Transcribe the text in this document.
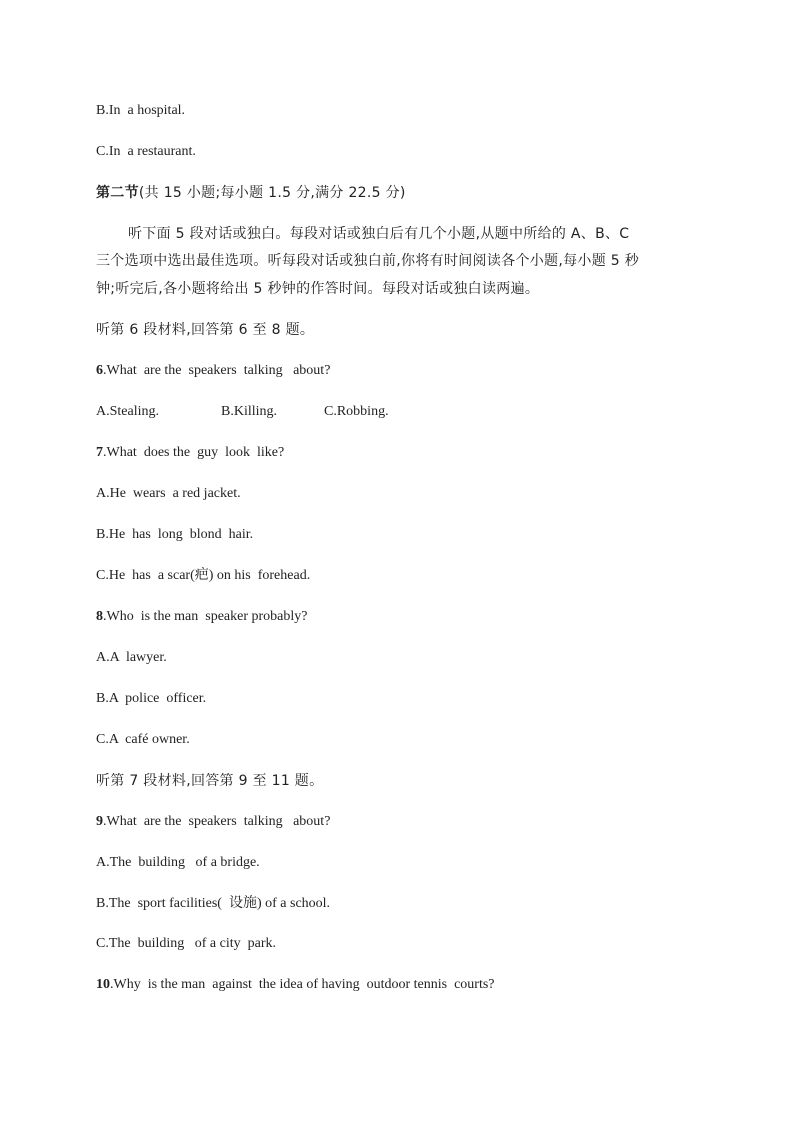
B.In  a hospital.
C.In  a restaurant.
第二节(共 15 小题;每小题 1.5 分,满分 22.5 分)
听下面 5 段对话或独白。每段对话或独白后有几个小题,从题中所给的 A、B、C
三个选项中选出最佳选项。听每段对话或独白前,你将有时间阅读各个小题,每小题 5 秒
钟;听完后,各小题将给出 5 秒钟的作答时间。每段对话或独白读两遍。
听第 6 段材料,回答第 6 至 8 题。
6.What  are the  speakers  talking   about?
A.Stealing.	B.Killing.	C.Robbing.
7.What  does the  guy  look  like?
A.He  wears  a red jacket.
B.He  has  long  blond  hair.
C.He  has  a scar(疤) on his  forehead.
8.Who  is the man  speaker probably?
A.A  lawyer.
B.A  police  officer.
C.A  café owner.
听第 7 段材料,回答第 9 至 11 题。
9.What  are the  speakers  talking   about?
A.The  building   of a bridge.
B.The  sport facilities(  设施) of a school.
C.The  building   of a city  park.
10.Why  is the man  against  the idea of having  outdoor tennis  courts?
